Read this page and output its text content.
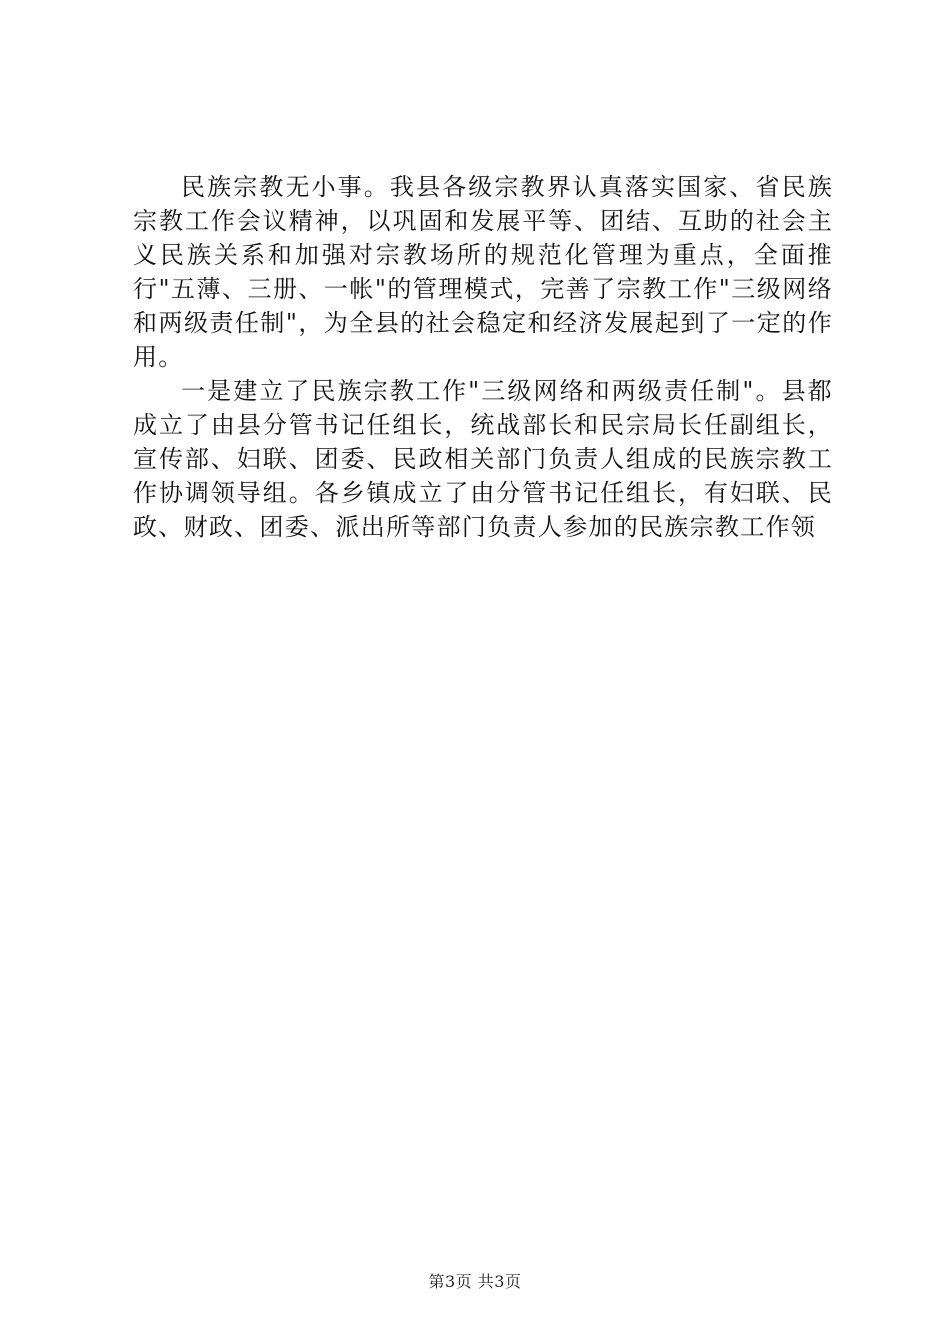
民族宗教无小事。我县各级宗教界认真落实国家、省民族宗教工作会议精神，以巩固和发展平等、团结、互助的社会主义民族关系和加强对宗教场所的规范化管理为重点，全面推行"五薄、三册、一帐"的管理模式，完善了宗教工作"三级网络和两级责任制"，为全县的社会稳定和经济发展起到了一定的作用。

一是建立了民族宗教工作"三级网络和两级责任制"。县都成立了由县分管书记任组长，统战部长和民宗局长任副组长，宣传部、妇联、团委、民政相关部门负责人组成的民族宗教工作协调领导组。各乡镇成立了由分管书记任组长，有妇联、民政、财政、团委、派出所等部门负责人参加的民族宗教工作领

第3页 共3页
